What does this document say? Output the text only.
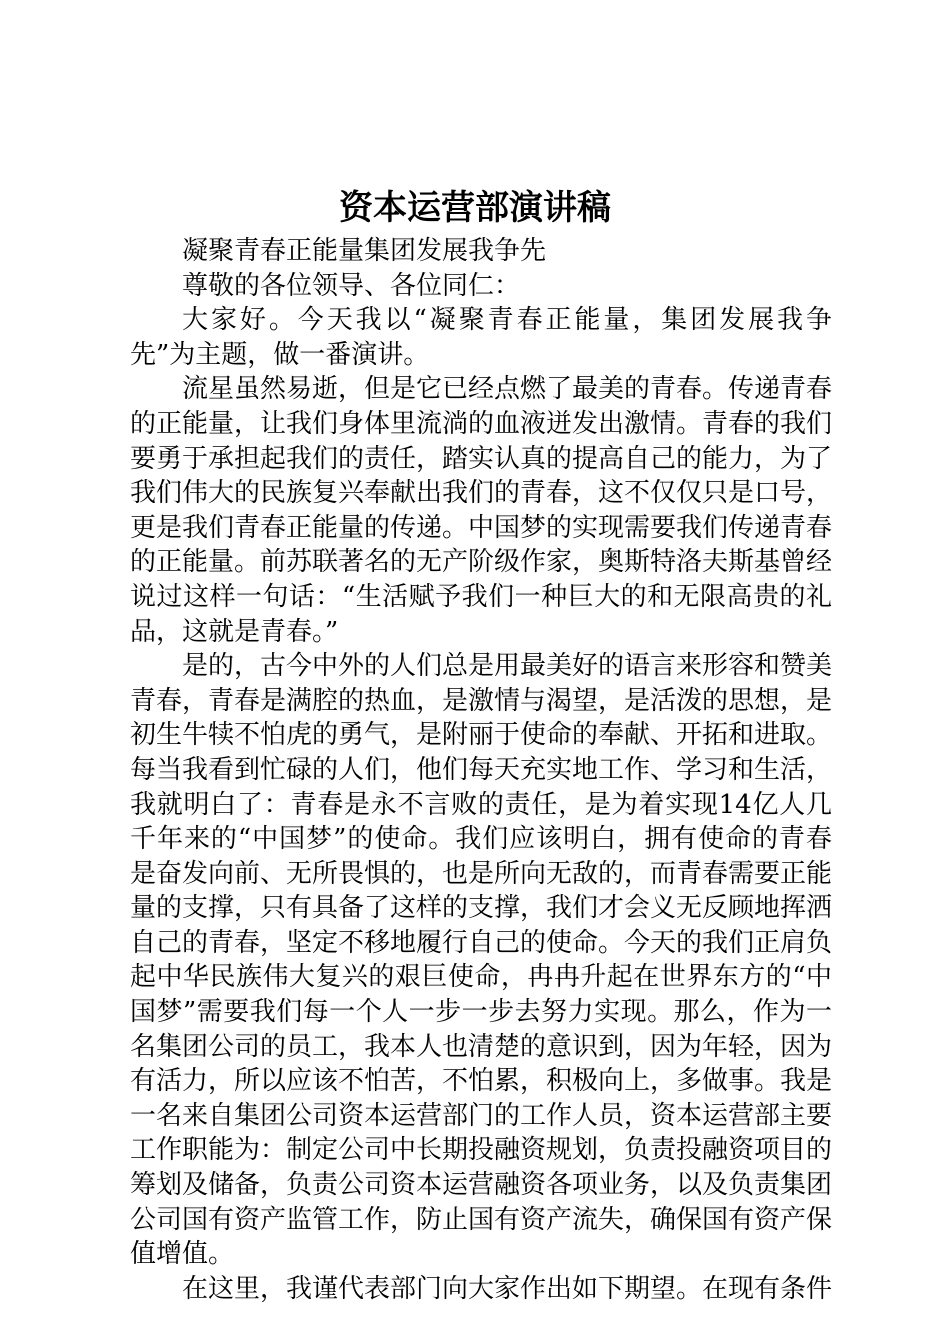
资本运营部演讲稿

凝聚青春正能量集团发展我争先

尊敬的各位领导、各位同仁：

大家好。今天我以“凝聚青春正能量，集团发展我争先”为主题，做一番演讲。

流星虽然易逝，但是它已经点燃了最美的青春。传递青春的正能量，让我们身体里流淌的血液迸发出激情。青春的我们要勇于承担起我们的责任，踏实认真的提高自己的能力，为了我们伟大的民族复兴奉献出我们的青春，这不仅仅只是口号，更是我们青春正能量的传递。中国梦的实现需要我们传递青春的正能量。前苏联著名的无产阶级作家，奥斯特洛夫斯基曾经说过这样一句话：“生活赋予我们一种巨大的和无限高贵的礼品，这就是青春。”

是的，古今中外的人们总是用最美好的语言来形容和赞美青春，青春是满腔的热血，是激情与渴望，是活泼的思想，是初生牛犊不怕虎的勇气，是附丽于使命的奉献、开拓和进取。每当我看到忙碌的人们，他们每天充实地工作、学习和生活，我就明白了：青春是永不言败的责任，是为着实现14亿人几千年来的“中国梦”的使命。我们应该明白，拥有使命的青春是奋发向前、无所畏惧的，也是所向无敌的，而青春需要正能量的支撑，只有具备了这样的支撑，我们才会义无反顾地挥洒自己的青春，坚定不移地履行自己的使命。今天的我们正肩负起中华民族伟大复兴的艰巨使命，冉冉升起在世界东方的“中国梦”需要我们每一个人一步一步去努力实现。那么，作为一名集团公司的员工，我本人也清楚的意识到，因为年轻，因为有活力，所以应该不怕苦，不怕累，积极向上，多做事。我是一名来自集团公司资本运营部门的工作人员，资本运营部主要工作职能为：制定公司中长期投融资规划，负责投融资项目的筹划及储备，负责公司资本运营融资各项业务，以及负责集团公司国有资产监管工作，防止国有资产流失，确保国有资产保值增值。

在这里，我谨代表部门向大家作出如下期望。在现有条件
